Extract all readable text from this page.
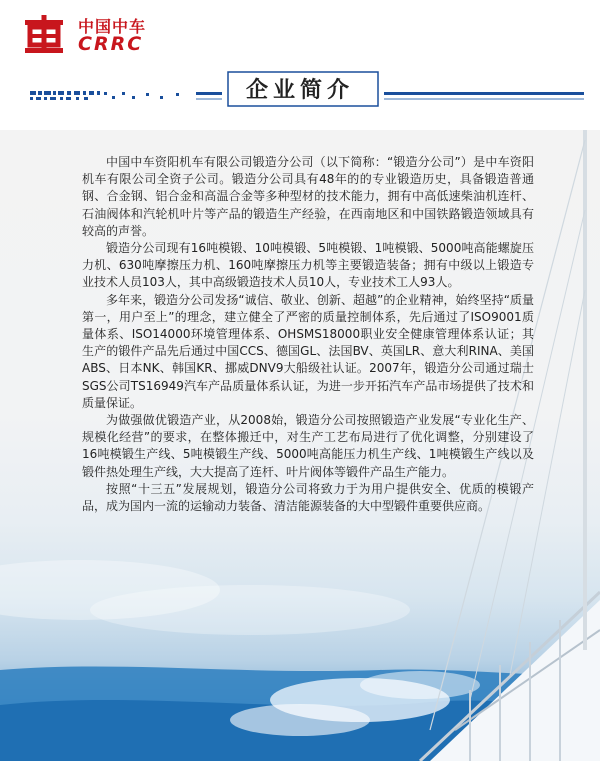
中国中车
CRRC
企业简介

中国中车资阳机车有限公司锻造分公司（以下简称：“锻造分公司”）是中车资阳机车有限公司全资子公司。锻造分公司具有48年的的专业锻造历史，具备锻造普通钢、合金钢、铝合金和高温合金等多种型材的技术能力，拥有中高低速柴油机连杆、石油阀体和汽轮机叶片等产品的锻造生产经验，在西南地区和中国铁路锻造领域具有较高的声誉。

锻造分公司现有16吨模锻、10吨模锻、5吨模锻、1吨模锻、5000吨高能螺旋压力机、630吨摩擦压力机、160吨摩擦压力机等主要锻造装备；拥有中级以上锻造专业技术人员103人，其中高级锻造技术人员10人，专业技术工人93人。

多年来，锻造分公司发扬“诚信、敬业、创新、超越”的企业精神，始终坚持“质量第一，用户至上”的理念，建立健全了严密的质量控制体系，先后通过了ISO9001质量体系、ISO14000环境管理体系、OHSMS18000职业安全健康管理体系认证；其生产的锻件产品先后通过中国CCS、德国GL、法国BV、英国LR、意大利RINA、美国ABS、日本NK、韩国KR、挪威DNV9大船级社认证。2007年，锻造分公司通过瑞士SGS公司TS16949汽车产品质量体系认证，为进一步开拓汽车产品市场提供了技术和质量保证。

为做强做优锻造产业，从2008始，锻造分公司按照锻造产业发展“专业化生产、规模化经营”的要求，在整体搬迁中，对生产工艺布局进行了优化调整，分别建设了16吨模锻生产线、5吨模锻生产线、5000吨高能压力机生产线、1吨模锻生产线以及锻件热处理生产线，大大提高了连杆、叶片阀体等锻件产品生产能力。

按照“十三五”发展规划，锻造分公司将致力于为用户提供安全、优质的模锻产品，成为国内一流的运输动力装备、清洁能源装备的大中型锻件重要供应商。
